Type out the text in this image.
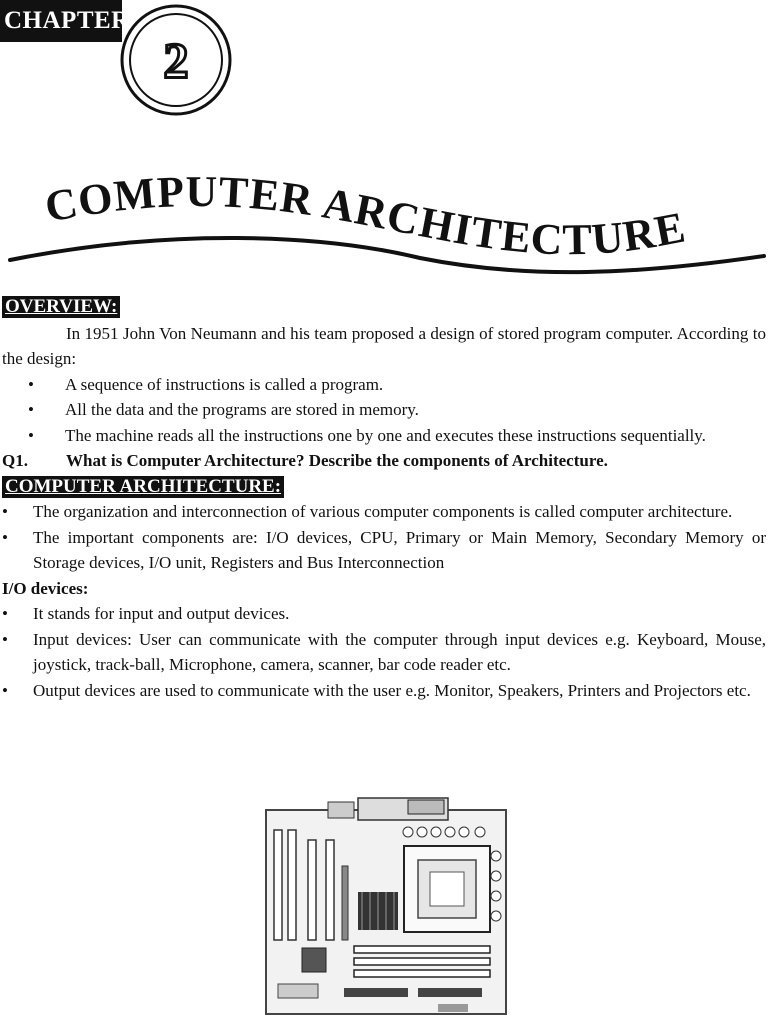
CHAPTER
2
COMPUTER ARCHITECTURE
OVERVIEW:

In 1951 John Von Neumann and his team proposed a design of stored program computer. According to the design:

• A sequence of instructions is called a program.
• All the data and the programs are stored in memory.
• The machine reads all the instructions one by one and executes these instructions sequentially.

Q1. What is Computer Architecture? Describe the components of Architecture.

COMPUTER ARCHITECTURE:
• The organization and interconnection of various computer components is called computer architecture.
• The important components are: I/O devices, CPU, Primary or Main Memory, Secondary Memory or Storage devices, I/O unit, Registers and Bus Interconnection

I/O devices:

• It stands for input and output devices.
• Input devices: User can communicate with the computer through input devices e.g. Keyboard, Mouse, joystick, track-ball, Microphone, camera, scanner, bar code reader etc.
• Output devices are used to communicate with the user e.g. Monitor, Speakers, Printers and Projectors etc.
